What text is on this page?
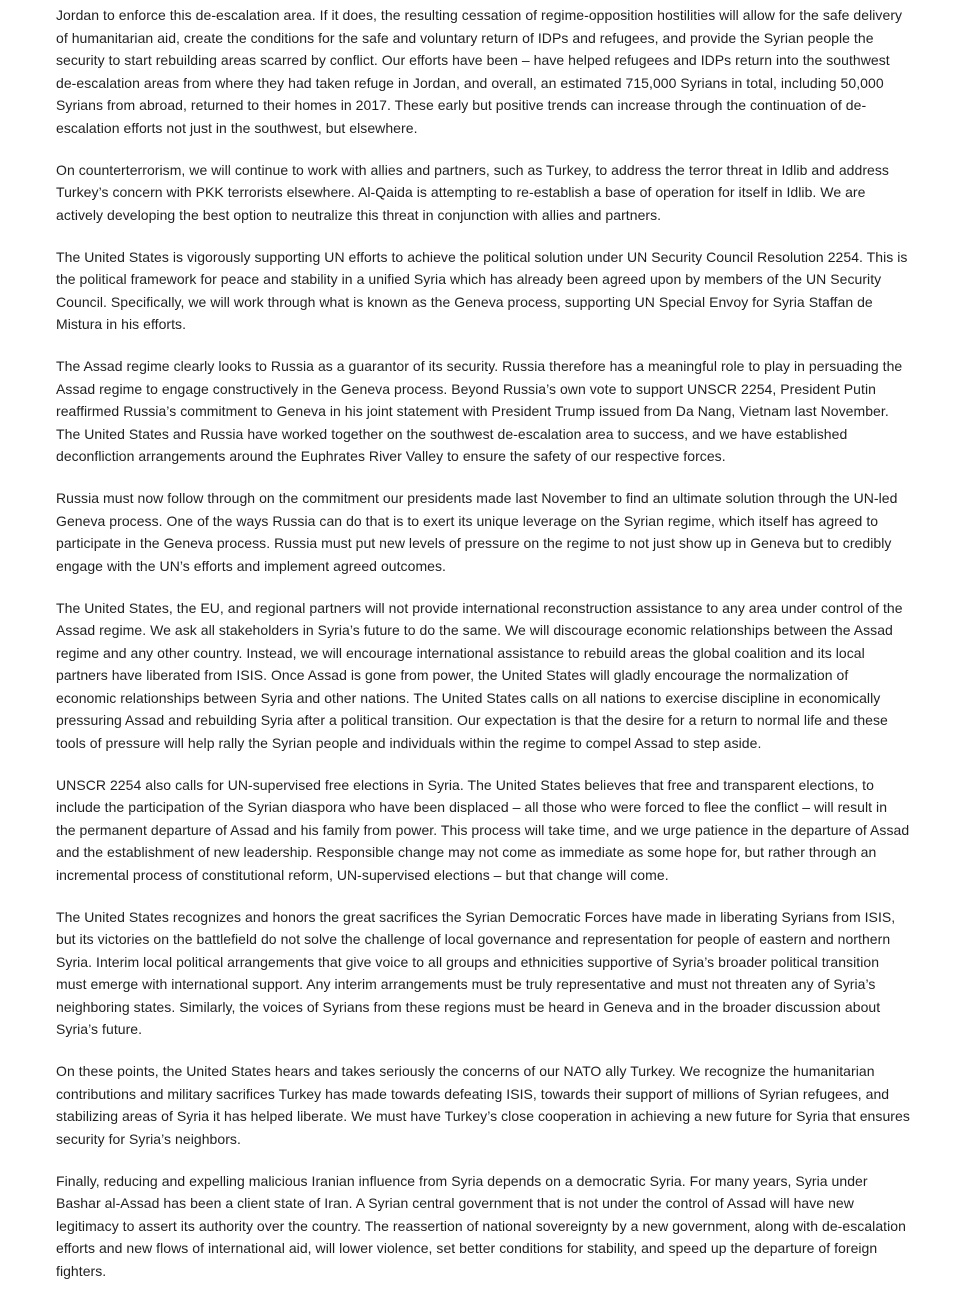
Jordan to enforce this de-escalation area. If it does, the resulting cessation of regime-opposition hostilities will allow for the safe delivery of humanitarian aid, create the conditions for the safe and voluntary return of IDPs and refugees, and provide the Syrian people the security to start rebuilding areas scarred by conflict. Our efforts have been – have helped refugees and IDPs return into the southwest de-escalation areas from where they had taken refuge in Jordan, and overall, an estimated 715,000 Syrians in total, including 50,000 Syrians from abroad, returned to their homes in 2017. These early but positive trends can increase through the continuation of de-escalation efforts not just in the southwest, but elsewhere.

On counterterrorism, we will continue to work with allies and partners, such as Turkey, to address the terror threat in Idlib and address Turkey’s concern with PKK terrorists elsewhere. Al-Qaida is attempting to re-establish a base of operation for itself in Idlib. We are actively developing the best option to neutralize this threat in conjunction with allies and partners.

The United States is vigorously supporting UN efforts to achieve the political solution under UN Security Council Resolution 2254. This is the political framework for peace and stability in a unified Syria which has already been agreed upon by members of the UN Security Council. Specifically, we will work through what is known as the Geneva process, supporting UN Special Envoy for Syria Staffan de Mistura in his efforts.

The Assad regime clearly looks to Russia as a guarantor of its security. Russia therefore has a meaningful role to play in persuading the Assad regime to engage constructively in the Geneva process. Beyond Russia’s own vote to support UNSCR 2254, President Putin reaffirmed Russia’s commitment to Geneva in his joint statement with President Trump issued from Da Nang, Vietnam last November. The United States and Russia have worked together on the southwest de-escalation area to success, and we have established deconfliction arrangements around the Euphrates River Valley to ensure the safety of our respective forces.

Russia must now follow through on the commitment our presidents made last November to find an ultimate solution through the UN-led Geneva process. One of the ways Russia can do that is to exert its unique leverage on the Syrian regime, which itself has agreed to participate in the Geneva process. Russia must put new levels of pressure on the regime to not just show up in Geneva but to credibly engage with the UN’s efforts and implement agreed outcomes.

The United States, the EU, and regional partners will not provide international reconstruction assistance to any area under control of the Assad regime. We ask all stakeholders in Syria’s future to do the same. We will discourage economic relationships between the Assad regime and any other country. Instead, we will encourage international assistance to rebuild areas the global coalition and its local partners have liberated from ISIS. Once Assad is gone from power, the United States will gladly encourage the normalization of economic relationships between Syria and other nations. The United States calls on all nations to exercise discipline in economically pressuring Assad and rebuilding Syria after a political transition. Our expectation is that the desire for a return to normal life and these tools of pressure will help rally the Syrian people and individuals within the regime to compel Assad to step aside.

UNSCR 2254 also calls for UN-supervised free elections in Syria. The United States believes that free and transparent elections, to include the participation of the Syrian diaspora who have been displaced – all those who were forced to flee the conflict – will result in the permanent departure of Assad and his family from power. This process will take time, and we urge patience in the departure of Assad and the establishment of new leadership. Responsible change may not come as immediate as some hope for, but rather through an incremental process of constitutional reform, UN-supervised elections – but that change will come.

The United States recognizes and honors the great sacrifices the Syrian Democratic Forces have made in liberating Syrians from ISIS, but its victories on the battlefield do not solve the challenge of local governance and representation for people of eastern and northern Syria. Interim local political arrangements that give voice to all groups and ethnicities supportive of Syria’s broader political transition must emerge with international support. Any interim arrangements must be truly representative and must not threaten any of Syria’s neighboring states. Similarly, the voices of Syrians from these regions must be heard in Geneva and in the broader discussion about Syria’s future.

On these points, the United States hears and takes seriously the concerns of our NATO ally Turkey. We recognize the humanitarian contributions and military sacrifices Turkey has made towards defeating ISIS, towards their support of millions of Syrian refugees, and stabilizing areas of Syria it has helped liberate. We must have Turkey’s close cooperation in achieving a new future for Syria that ensures security for Syria’s neighbors.

Finally, reducing and expelling malicious Iranian influence from Syria depends on a democratic Syria. For many years, Syria under Bashar al-Assad has been a client state of Iran. A Syrian central government that is not under the control of Assad will have new legitimacy to assert its authority over the country. The reassertion of national sovereignty by a new government, along with de-escalation efforts and new flows of international aid, will lower violence, set better conditions for stability, and speed up the departure of foreign fighters.
